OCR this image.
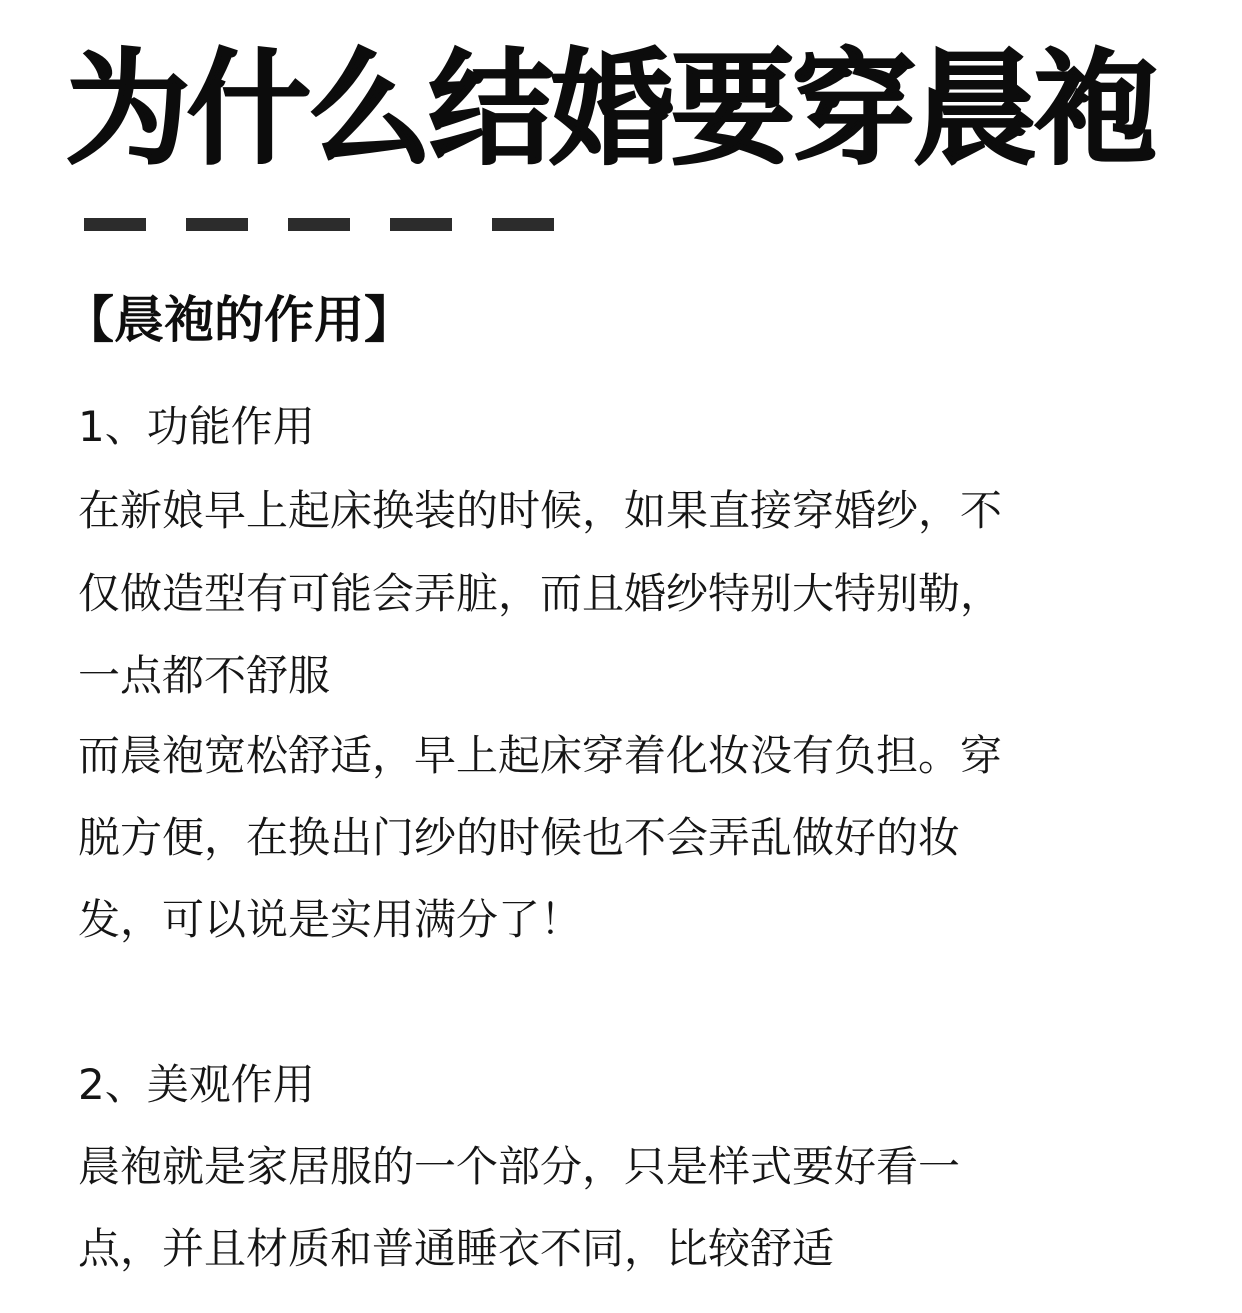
为什么结婚要穿晨袍
【晨袍的作用】

1、功能作用

在新娘早上起床换装的时候，如果直接穿婚纱，不

仅做造型有可能会弄脏，而且婚纱特别大特别勒，

一点都不舒服

而晨袍宽松舒适，早上起床穿着化妆没有负担。穿

脱方便，在换出门纱的时候也不会弄乱做好的妆

发，可以说是实用满分了！

2、美观作用

晨袍就是家居服的一个部分，只是样式要好看一

点，并且材质和普通睡衣不同，比较舒适
